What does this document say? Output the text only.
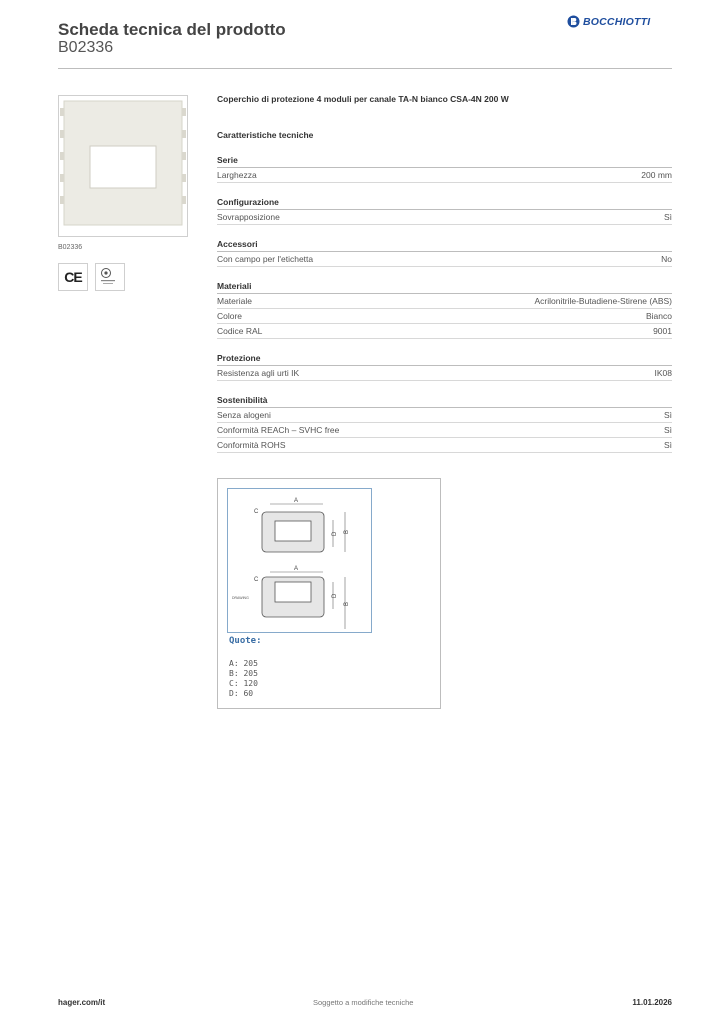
Scheda tecnica del prodotto
B02336
BOCCHIOTTI
B02336
CE
Coperchio di protezione 4 moduli per canale TA-N bianco CSA-4N 200 W
Caratteristiche tecniche
Serie
Larghezza	200 mm
Configurazione
Sovrapposizione	Sì
Accessori
Con campo per l'etichetta	No
Materiali
Materiale	Acrilonitrile-Butadiene-Stirene (ABS)
Colore	Bianco
Codice RAL	9001
Protezione
Resistenza agli urti IK	IK08
Sostenibilità
Senza alogeni	Sì
Conformità REACh – SVHC free	Sì
Conformità ROHS	Sì
A
C
D B
A
C
DRAWING	D
B
Quote:
A: 205
B: 205
C: 120
D: 60
hager.com/it	Soggetto a modifiche tecniche	11.01.2026
